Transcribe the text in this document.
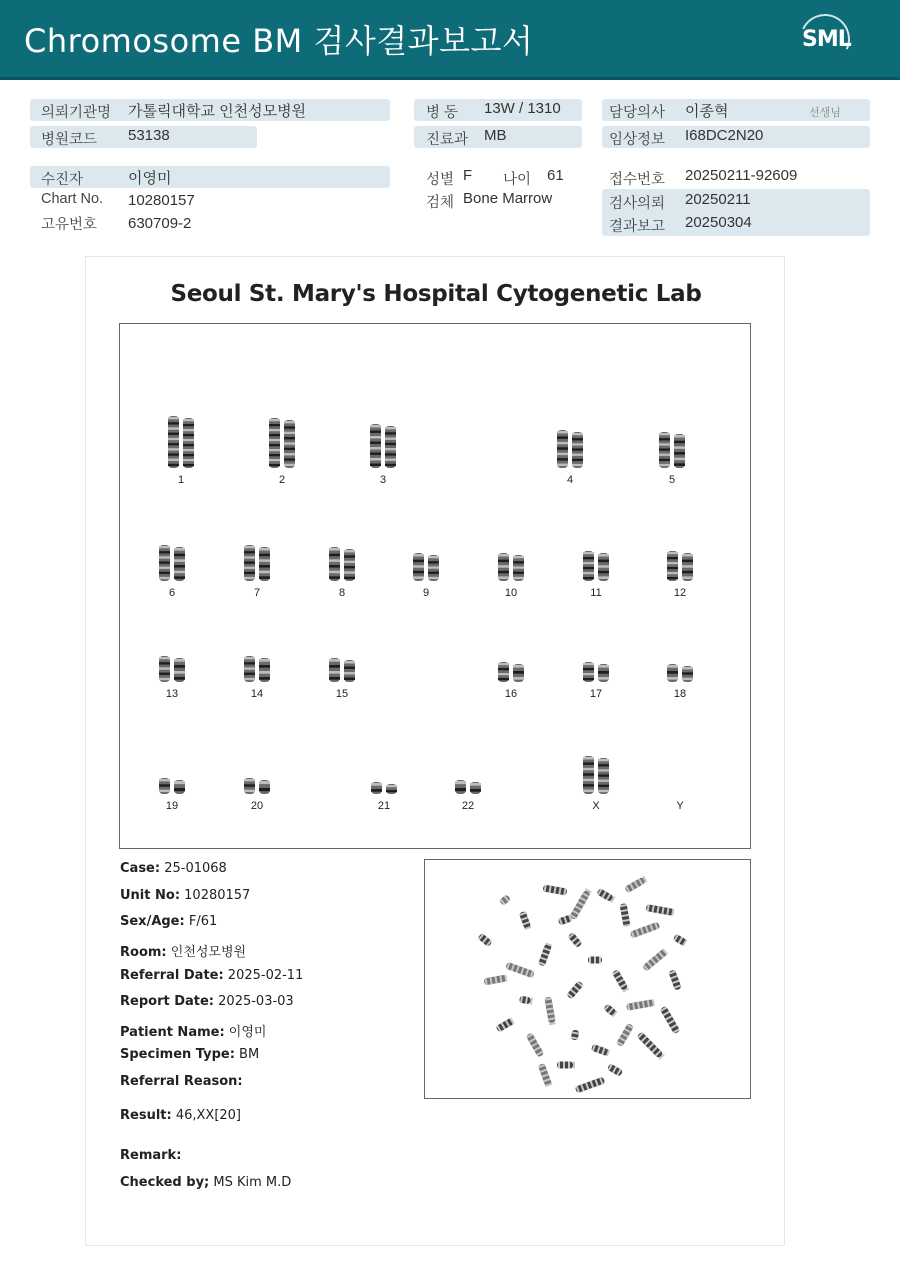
Chromosome BM 검사결과보고서	SML
의뢰기관명 가톨릭대학교 인천성모병원
병원코드 53138
수진자	이영미
Chart No. 10280157
고유번호 630709-2
병 동 13W / 1310
진료과 MB
성별 F 나이 61
검체 Bone Marrow
담당의사 이종혁	선생님
임상정보 I68DC2N20
접수번호 20250211-92609
검사의뢰 20250211
결과보고 20250304
Seoul St. Mary's Hospital Cytogenetic Lab
1	2	3	4	5
6	7	8	9	10	11	12
13	14	15	16	17	18
19	20	21	22	X	Y
Case: 25-01068
Unit No: 10280157
Sex/Age: F/61
Room: 인천성모병원
Referral Date: 2025-02-11
Report Date: 2025-03-03
Patient Name: 이영미
Specimen Type: BM
Referral Reason:
Result: 46,XX[20]
Remark:
Checked by; MS Kim M.D
